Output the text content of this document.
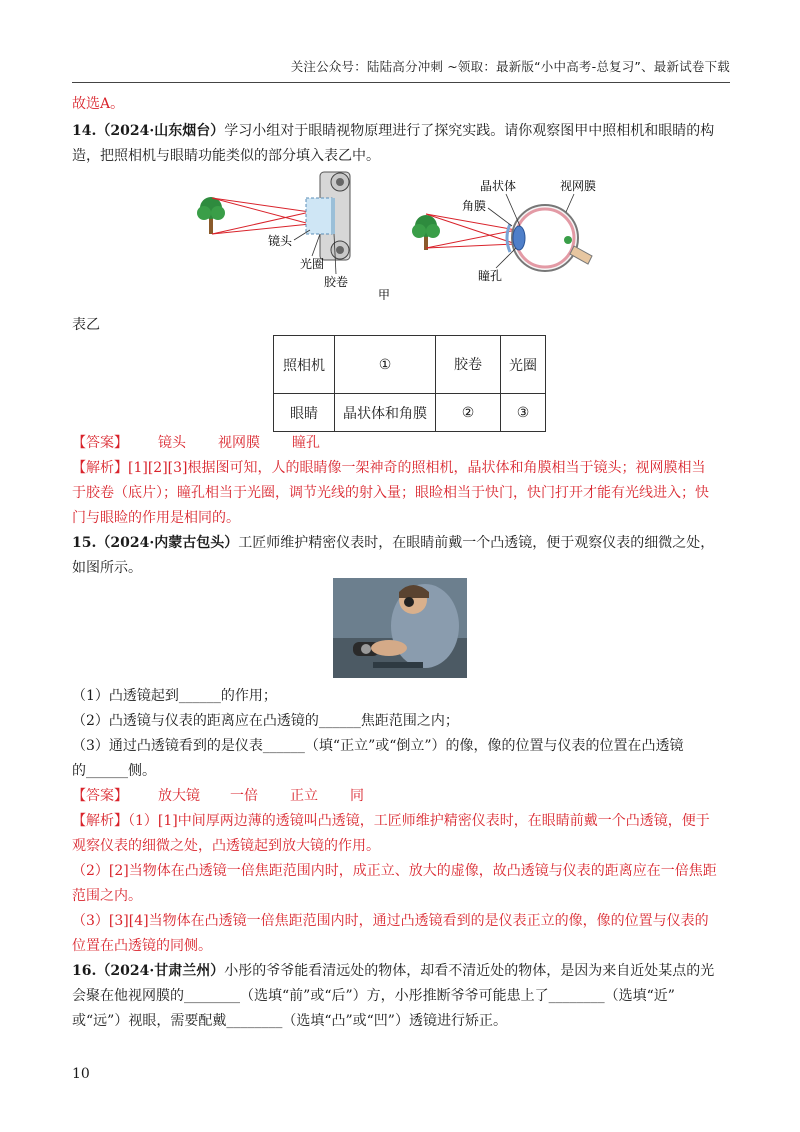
关注公众号：陆陆高分冲刺 ~领取：最新版“小中高考-总复习”、最新试卷下载
故选A。
14.（2024·山东烟台）学习小组对于眼睛视物原理进行了探究实践。请你观察图甲中照相机和眼睛的构
造，把照相机与眼睛功能类似的部分填入表乙中。
镜头
光圈
胶卷
晶状体	视网膜
角膜
瞳孔
甲
表乙
照相机	①	胶卷	光圈
眼睛	晶状体和角膜	②	③
【答案】 镜头 视网膜 瞳孔
【解析】[1][2][3]根据图可知，人的眼睛像一架神奇的照相机，晶状体和角膜相当于镜头；视网膜相当
于胶卷（底片）；瞳孔相当于光圈，调节光线的射入量；眼睑相当于快门，快门打开才能有光线进入；快
门与眼睑的作用是相同的。
15.（2024·内蒙古包头）工匠师维护精密仪表时，在眼睛前戴一个凸透镜，便于观察仪表的细微之处，
如图所示。
（1）凸透镜起到______的作用；
（2）凸透镜与仪表的距离应在凸透镜的______焦距范围之内；
（3）通过凸透镜看到的是仪表______（填“正立”或“倒立”）的像，像的位置与仪表的位置在凸透镜
的______侧。
【答案】 放大镜 一倍 正立 同
【解析】（1）[1]中间厚两边薄的透镜叫凸透镜，工匠师维护精密仪表时，在眼睛前戴一个凸透镜，便于
观察仪表的细微之处，凸透镜起到放大镜的作用。
（2）[2]当物体在凸透镜一倍焦距范围内时，成正立、放大的虚像，故凸透镜与仪表的距离应在一倍焦距
范围之内。
（3）[3][4]当物体在凸透镜一倍焦距范围内时，通过凸透镜看到的是仪表正立的像，像的位置与仪表的
位置在凸透镜的同侧。
16.（2024·甘肃兰州）小彤的爷爷能看清远处的物体，却看不清近处的物体，是因为来自近处某点的光
会聚在他视网膜的________（选填“前”或“后”）方，小彤推断爷爷可能患上了________（选填“近”
或“远”）视眼，需要配戴________（选填“凸”或“凹”）透镜进行矫正。
10
